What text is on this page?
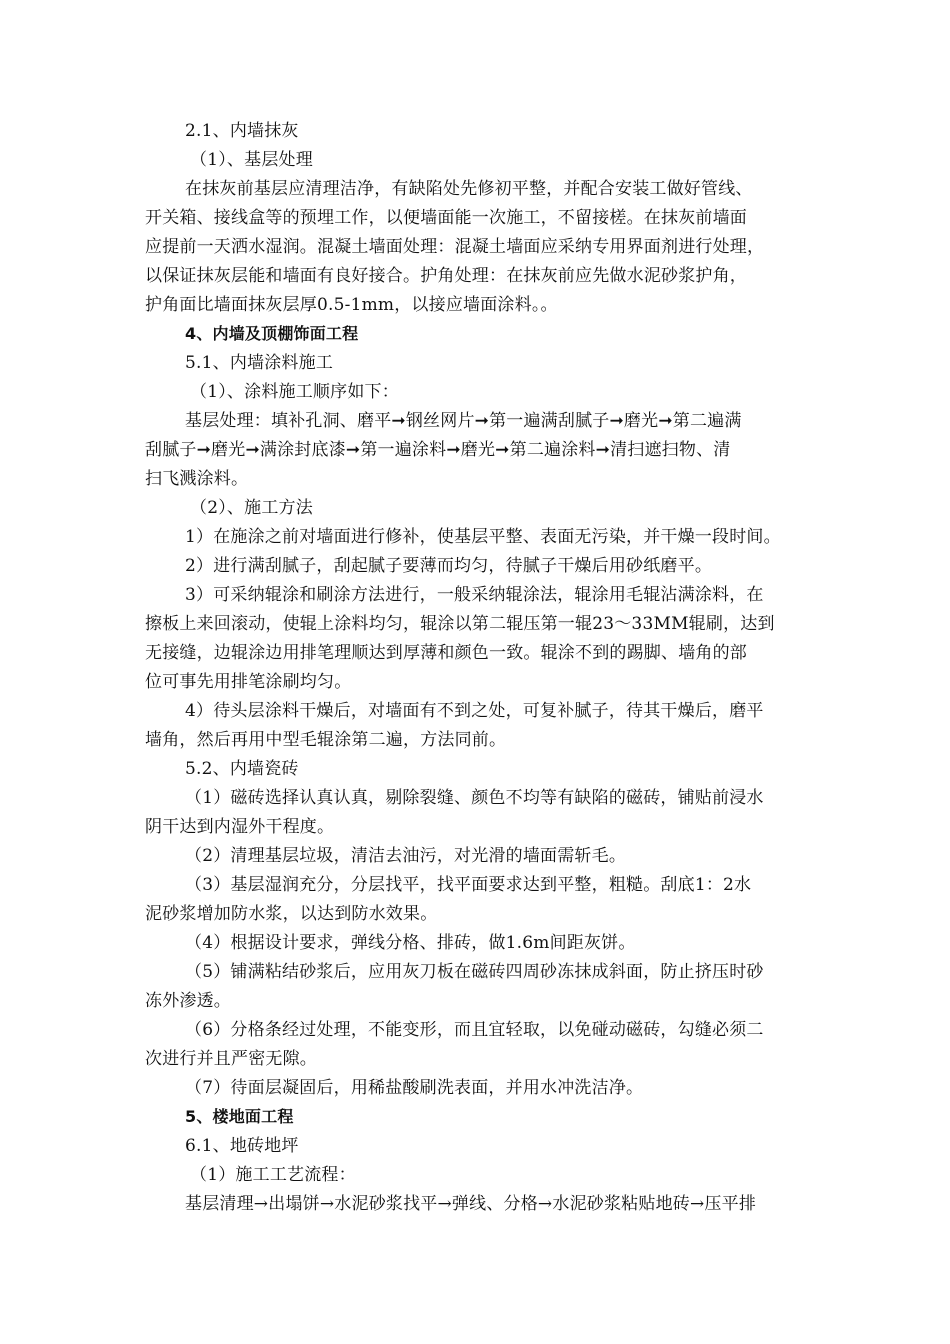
2.1、内墙抹灰
（1）、基层处理
在抹灰前基层应清理洁净，有缺陷处先修初平整，并配合安装工做好管线、
开关箱、接线盒等的预埋工作，以便墙面能一次施工，不留接槎。在抹灰前墙面
应提前一天洒水湿润。混凝土墙面处理：混凝土墙面应采纳专用界面剂进行处理，
以保证抹灰层能和墙面有良好接合。护角处理：在抹灰前应先做水泥砂浆护角，
护角面比墙面抹灰层厚0.5-1mm，以接应墙面涂料。。
4、内墙及顶棚饰面工程
5.1、内墙涂料施工
（1）、涂料施工顺序如下：
基层处理：填补孔洞、磨平➞钢丝网片➞第一遍满刮腻子➞磨光➞第二遍满
刮腻子➞磨光➞满涂封底漆➞第一遍涂料➞磨光➞第二遍涂料➞清扫遮扫物、清
扫飞溅涂料。
（2）、施工方法
1）在施涂之前对墙面进行修补，使基层平整、表面无污染，并干燥一段时间。
2）进行满刮腻子，刮起腻子要薄而均匀，待腻子干燥后用砂纸磨平。
3）可采纳辊涂和刷涂方法进行，一般采纳辊涂法，辊涂用毛辊沾满涂料，在
擦板上来回滚动，使辊上涂料均匀，辊涂以第二辊压第一辊23～33MM辊刷，达到
无接缝，边辊涂边用排笔理顺达到厚薄和颜色一致。辊涂不到的踢脚、墙角的部
位可事先用排笔涂刷均匀。
4）待头层涂料干燥后，对墙面有不到之处，可复补腻子，待其干燥后，磨平
墙角，然后再用中型毛辊涂第二遍，方法同前。
5.2、内墙瓷砖
（1）磁砖选择认真认真，剔除裂缝、颜色不均等有缺陷的磁砖，铺贴前浸水
阴干达到内湿外干程度。
（2）清理基层垃圾，清洁去油污，对光滑的墙面需斩毛。
（3）基层湿润充分，分层找平，找平面要求达到平整，粗糙。刮底1：2水
泥砂浆增加防水浆，以达到防水效果。
（4）根据设计要求，弹线分格、排砖，做1.6m间距灰饼。
（5）铺满粘结砂浆后，应用灰刀板在磁砖四周砂冻抹成斜面，防止挤压时砂
冻外渗透。
（6）分格条经过处理，不能变形，而且宜轻取，以免碰动磁砖，勾缝必须二
次进行并且严密无隙。
（7）待面层凝固后，用稀盐酸刷洗表面，并用水冲洗洁净。
5、楼地面工程
6.1、地砖地坪
（1）施工工艺流程：
基层清理→出塌饼→水泥砂浆找平→弹线、分格→水泥砂浆粘贴地砖→压平排
